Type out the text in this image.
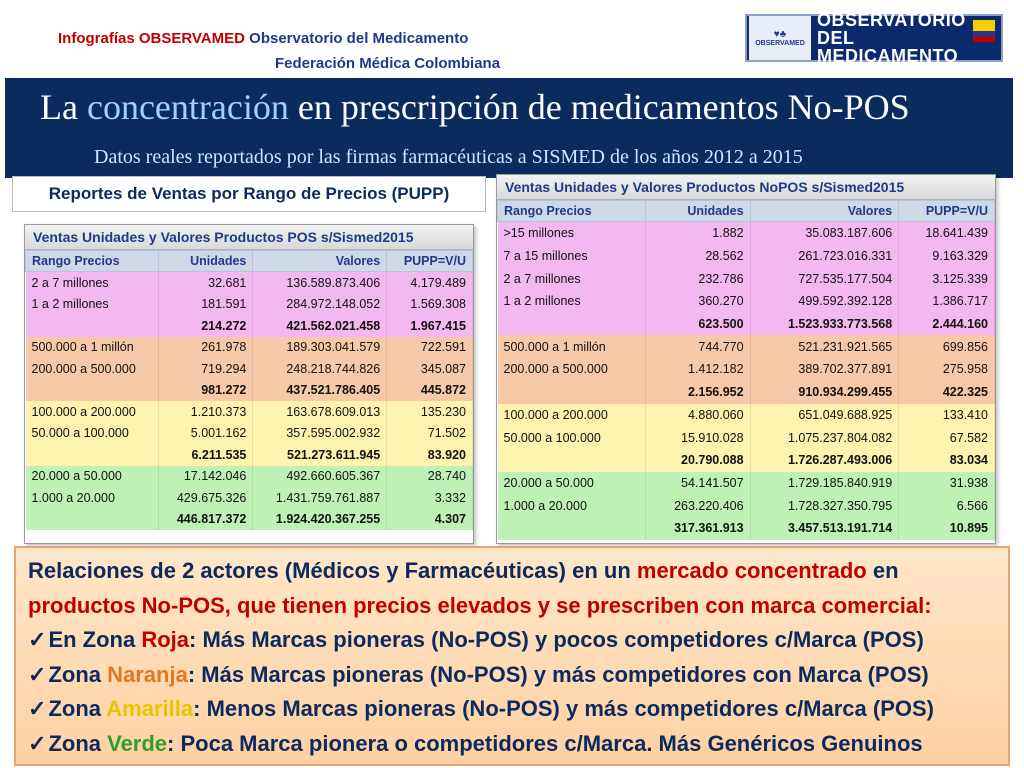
Infografías OBSERVAMED Observatorio del Medicamento
Federación Médica Colombiana
♥♣
OBSERVAMED
OBSERVATORIO
DEL MEDICAMENTO
La concentración en prescripción de medicamentos No-POS
Datos reales reportados por las firmas farmacéuticas a SISMED de los años 2012 a 2015
Reportes de Ventas por Rango de Precios (PUPP)
Ventas Unidades y Valores Productos POS s/Sismed2015
Rango Precios	Unidades	Valores	PUPP=V/U
2 a 7 millones	32.681	136.589.873.406	4.179.489
1 a 2 millones	181.591	284.972.148.052	1.569.308
	214.272	421.562.021.458	1.967.415
500.000 a 1 millón	261.978	189.303.041.579	722.591
200.000 a 500.000	719.294	248.218.744.826	345.087
	981.272	437.521.786.405	445.872
100.000 a 200.000	1.210.373	163.678.609.013	135.230
50.000 a 100.000	5.001.162	357.595.002.932	71.502
	6.211.535	521.273.611.945	83.920
20.000 a 50.000	17.142.046	492.660.605.367	28.740
1.000 a 20.000	429.675.326	1.431.759.761.887	3.332
	446.817.372	1.924.420.367.255	4.307
Ventas Unidades y Valores Productos NoPOS s/Sismed2015
Rango Precios	Unidades	Valores	PUPP=V/U
>15 millones	1.882	35.083.187.606	18.641.439
7 a 15 millones	28.562	261.723.016.331	9.163.329
2 a 7 millones	232.786	727.535.177.504	3.125.339
1 a 2 millones	360.270	499.592.392.128	1.386.717
	623.500	1.523.933.773.568	2.444.160
500.000 a 1 millón	744.770	521.231.921.565	699.856
200.000 a 500.000	1.412.182	389.702.377.891	275.958
	2.156.952	910.934.299.455	422.325
100.000 a 200.000	4.880.060	651.049.688.925	133.410
50.000 a 100.000	15.910.028	1.075.237.804.082	67.582
	20.790.088	1.726.287.493.006	83.034
20.000 a 50.000	54.141.507	1.729.185.840.919	31.938
1.000 a 20.000	263.220.406	1.728.327.350.795	6.566
	317.361.913	3.457.513.191.714	10.895

Relaciones de 2 actores (Médicos y Farmacéuticas) en un mercado concentrado en

productos No-POS, que tienen precios elevados y se prescriben con marca comercial:

✓En Zona Roja: Más Marcas pioneras (No-POS) y pocos competidores c/Marca (POS)

✓Zona Naranja: Más Marcas pioneras (No-POS) y más competidores con Marca (POS)

✓Zona Amarilla: Menos Marcas pioneras (No-POS) y más competidores c/Marca (POS)

✓Zona Verde: Poca Marca pionera o competidores c/Marca. Más Genéricos Genuinos
